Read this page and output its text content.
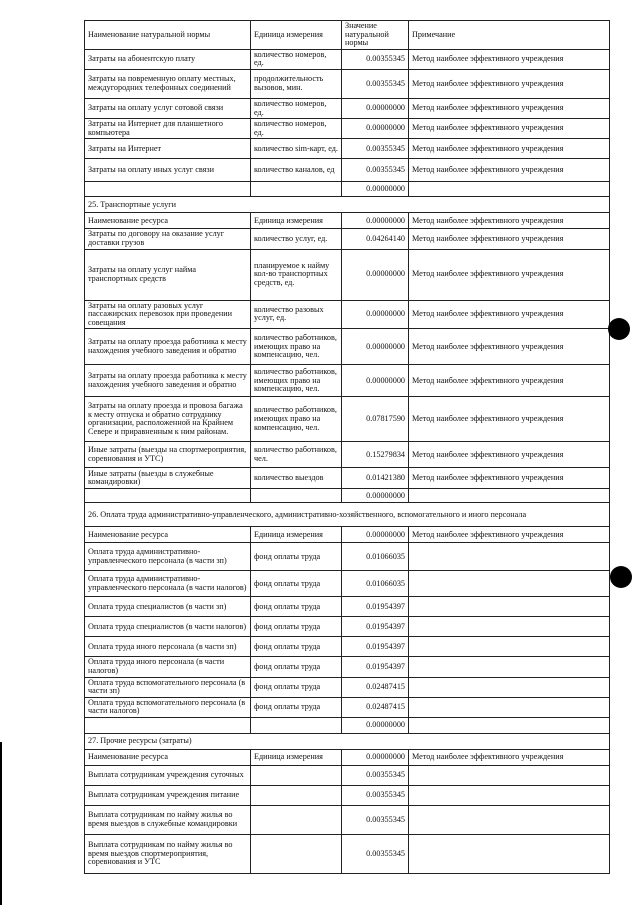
Наименование натуральной нормы	Единица измерения	Значение натуральной нормы	Примечание
Затраты на абонентскую плату	количество номеров, ед.	0.00355345	Метод наиболее эффективного учреждения
Затраты на повременную оплату местных, междугородних телефонных соединений	продолжительность вызовов, мин.	0.00355345	Метод наиболее эффективного учреждения
Затраты на оплату услуг сотовой связи	количество номеров, ед.	0.00000000	Метод наиболее эффективного учреждения
Затраты на Интернет для планшетного компьютера	количество номеров, ед.	0.00000000	Метод наиболее эффективного учреждения
Затраты на Интернет	количество sim-карт, ед.	0.00355345	Метод наиболее эффективного учреждения
Затраты на оплату иных услуг связи	количество каналов, ед	0.00355345	Метод наиболее эффективного учреждения
		0.00000000	
25. Транспортные услуги			
Наименование ресурса	Единица измерения	0.00000000	Метод наиболее эффективного учреждения
Затраты по договору на оказание услуг доставки грузов	количество услуг, ед.	0.04264140	Метод наиболее эффективного учреждения
Затраты на оплату услуг найма транспортных средств	планируемое к найму кол-во транспортных средств, ед.	0.00000000	Метод наиболее эффективного учреждения
Затраты на оплату разовых услуг пассажирских перевозок при проведении совещания	количество разовых услуг, ед.	0.00000000	Метод наиболее эффективного учреждения
Затраты на оплату проезда работника к месту нахождения учебного заведения и обратно	количество работников, имеющих право на компенсацию, чел.	0.00000000	Метод наиболее эффективного учреждения
Затраты на оплату проезда работника к месту нахождения учебного заведения и обратно	количество работников, имеющих право на компенсацию, чел.	0.00000000	Метод наиболее эффективного учреждения
Затраты на оплату проезда и провоза багажа к месту отпуска и обратно сотруднику организации, расположенной на Крайнем Севере и приравненным к ним районам.	количество работников, имеющих право на компенсацию, чел.	0.07817590	Метод наиболее эффективного учреждения
Иные затраты (выезды на спортмероприятия, соревнования и УТС)	количество работников, чел.	0.15279834	Метод наиболее эффективного учреждения
Иные затраты (выезды в служебные командировки)	количество выездов	0.01421380	Метод наиболее эффективного учреждения
		0.00000000	
26. Оплата труда административно-управленческого, административно-хозяйственного, вспомогательного и иного персонала			
Наименование ресурса	Единица измерения	0.00000000	Метод наиболее эффективного учреждения
Оплата труда административно-управленческого персонала (в части зп)	фонд оплаты труда	0.01066035	
Оплата труда административно-управленческого персонала (в части налогов)	фонд оплаты труда	0.01066035	
Оплата труда специалистов (в части зп)	фонд оплаты труда	0.01954397	
Оплата труда специалистов (в части налогов)	фонд оплаты труда	0.01954397	
Оплата труда иного персонала (в части зп)	фонд оплаты труда	0.01954397	
Оплата труда иного персонала (в части налогов)	фонд оплаты труда	0.01954397	
Оплата труда вспомогательного персонала (в части зп)	фонд оплаты труда	0.02487415	
Оплата труда вспомогательного персонала (в части налогов)	фонд оплаты труда	0.02487415	
		0.00000000	
27. Прочие ресурсы (затраты)			
Наименование ресурса	Единица измерения	0.00000000	Метод наиболее эффективного учреждения
Выплата сотрудникам учреждения суточных		0.00355345	
Выплата сотрудникам учреждения питание		0.00355345	
Выплата сотрудникам по найму жилья во время выездов в служебные командировки		0.00355345	
Выплата сотрудникам по найму жилья во время выездов спортмероприятия, соревнования и УТС		0.00355345	
